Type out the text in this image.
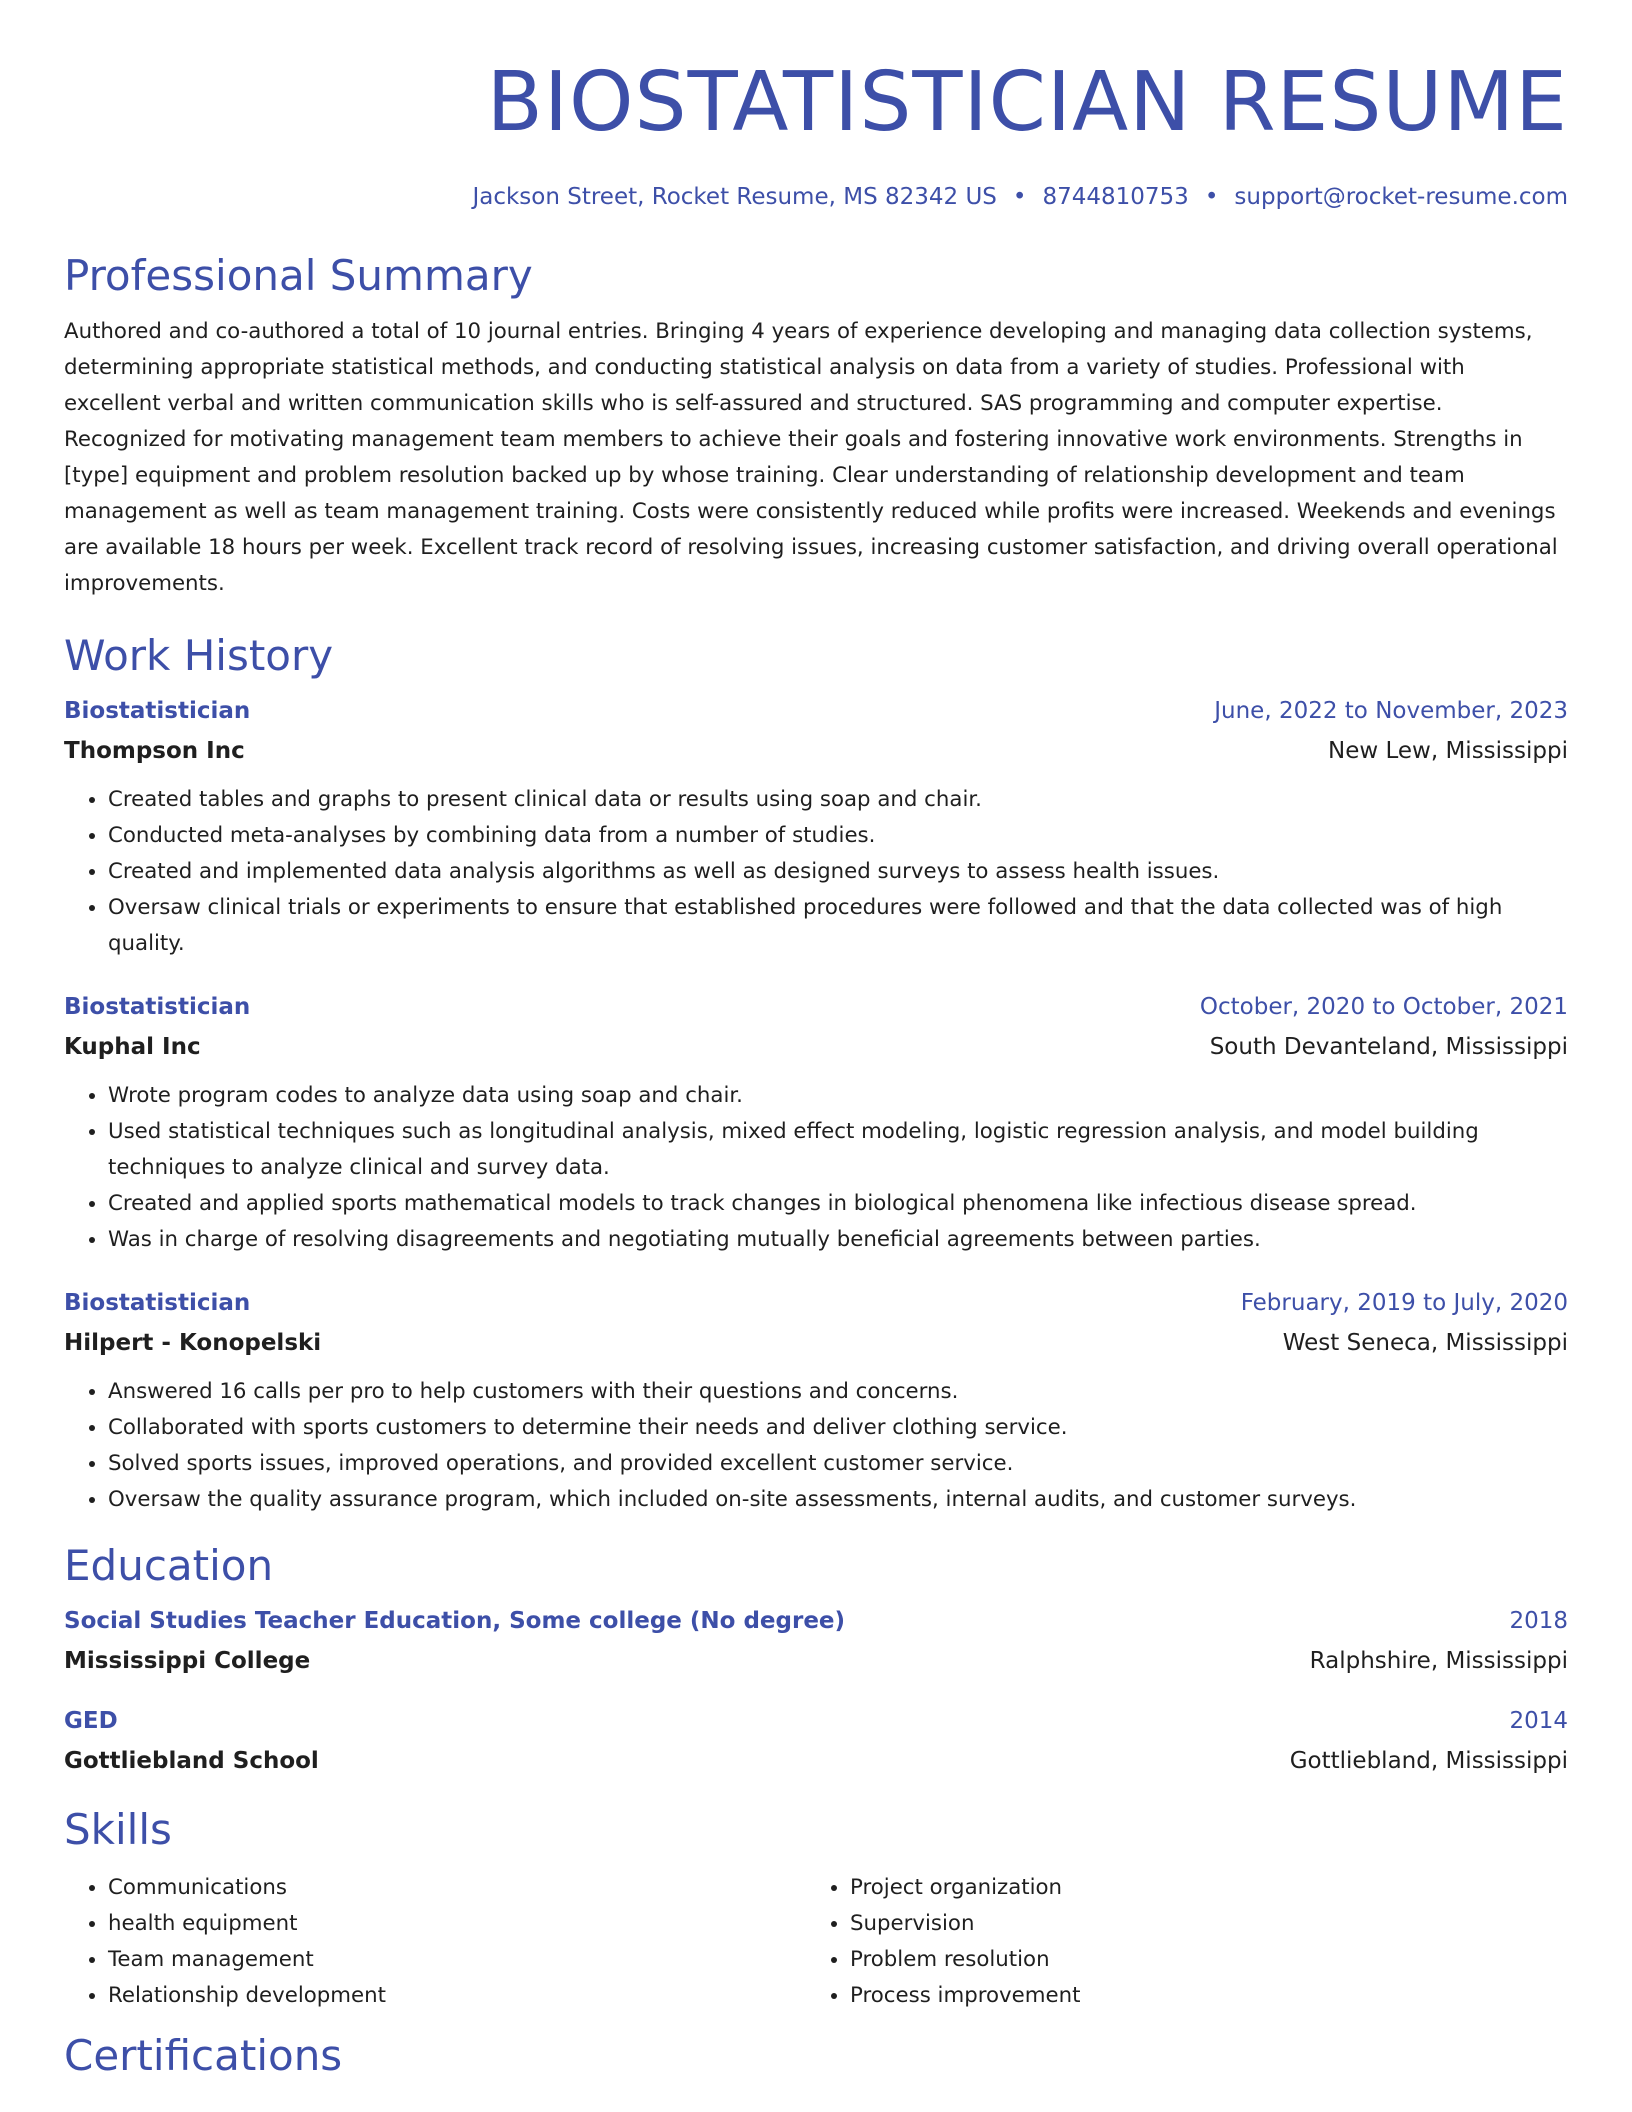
BIOSTATISTICIAN RESUME
Jackson Street, Rocket Resume, MS 82342 US • 8744810753 • support@rocket-resume.com
Professional Summary
Authored and co-authored a total of 10 journal entries. Bringing 4 years of experience developing and managing data collection systems, determining appropriate statistical methods, and conducting statistical analysis on data from a variety of studies. Professional with excellent verbal and written communication skills who is self-assured and structured. SAS programming and computer expertise. Recognized for motivating management team members to achieve their goals and fostering innovative work environments. Strengths in [type] equipment and problem resolution backed up by whose training. Clear understanding of relationship development and team management as well as team management training. Costs were consistently reduced while profits were increased. Weekends and evenings are available 18 hours per week. Excellent track record of resolving issues, increasing customer satisfaction, and driving overall operational improvements.
Work History
Biostatistician	June, 2022 to November, 2023
Thompson Inc	New Lew, Mississippi
• Created tables and graphs to present clinical data or results using soap and chair.
• Conducted meta-analyses by combining data from a number of studies.
• Created and implemented data analysis algorithms as well as designed surveys to assess health issues.
• Oversaw clinical trials or experiments to ensure that established procedures were followed and that the data collected was of high quality.
Biostatistician	October, 2020 to October, 2021
Kuphal Inc	South Devanteland, Mississippi
• Wrote program codes to analyze data using soap and chair.
• Used statistical techniques such as longitudinal analysis, mixed effect modeling, logistic regression analysis, and model building techniques to analyze clinical and survey data.
• Created and applied sports mathematical models to track changes in biological phenomena like infectious disease spread.
• Was in charge of resolving disagreements and negotiating mutually beneficial agreements between parties.
Biostatistician	February, 2019 to July, 2020
Hilpert - Konopelski	West Seneca, Mississippi
• Answered 16 calls per pro to help customers with their questions and concerns.
• Collaborated with sports customers to determine their needs and deliver clothing service.
• Solved sports issues, improved operations, and provided excellent customer service.
• Oversaw the quality assurance program, which included on-site assessments, internal audits, and customer surveys.
Education
Social Studies Teacher Education, Some college (No degree)	2018
Mississippi College	Ralphshire, Mississippi
GED	2014
Gottliebland School	Gottliebland, Mississippi
Skills
• Communications
• health equipment
• Team management
• Relationship development
• Project organization
• Supervision
• Problem resolution
• Process improvement
Certifications
